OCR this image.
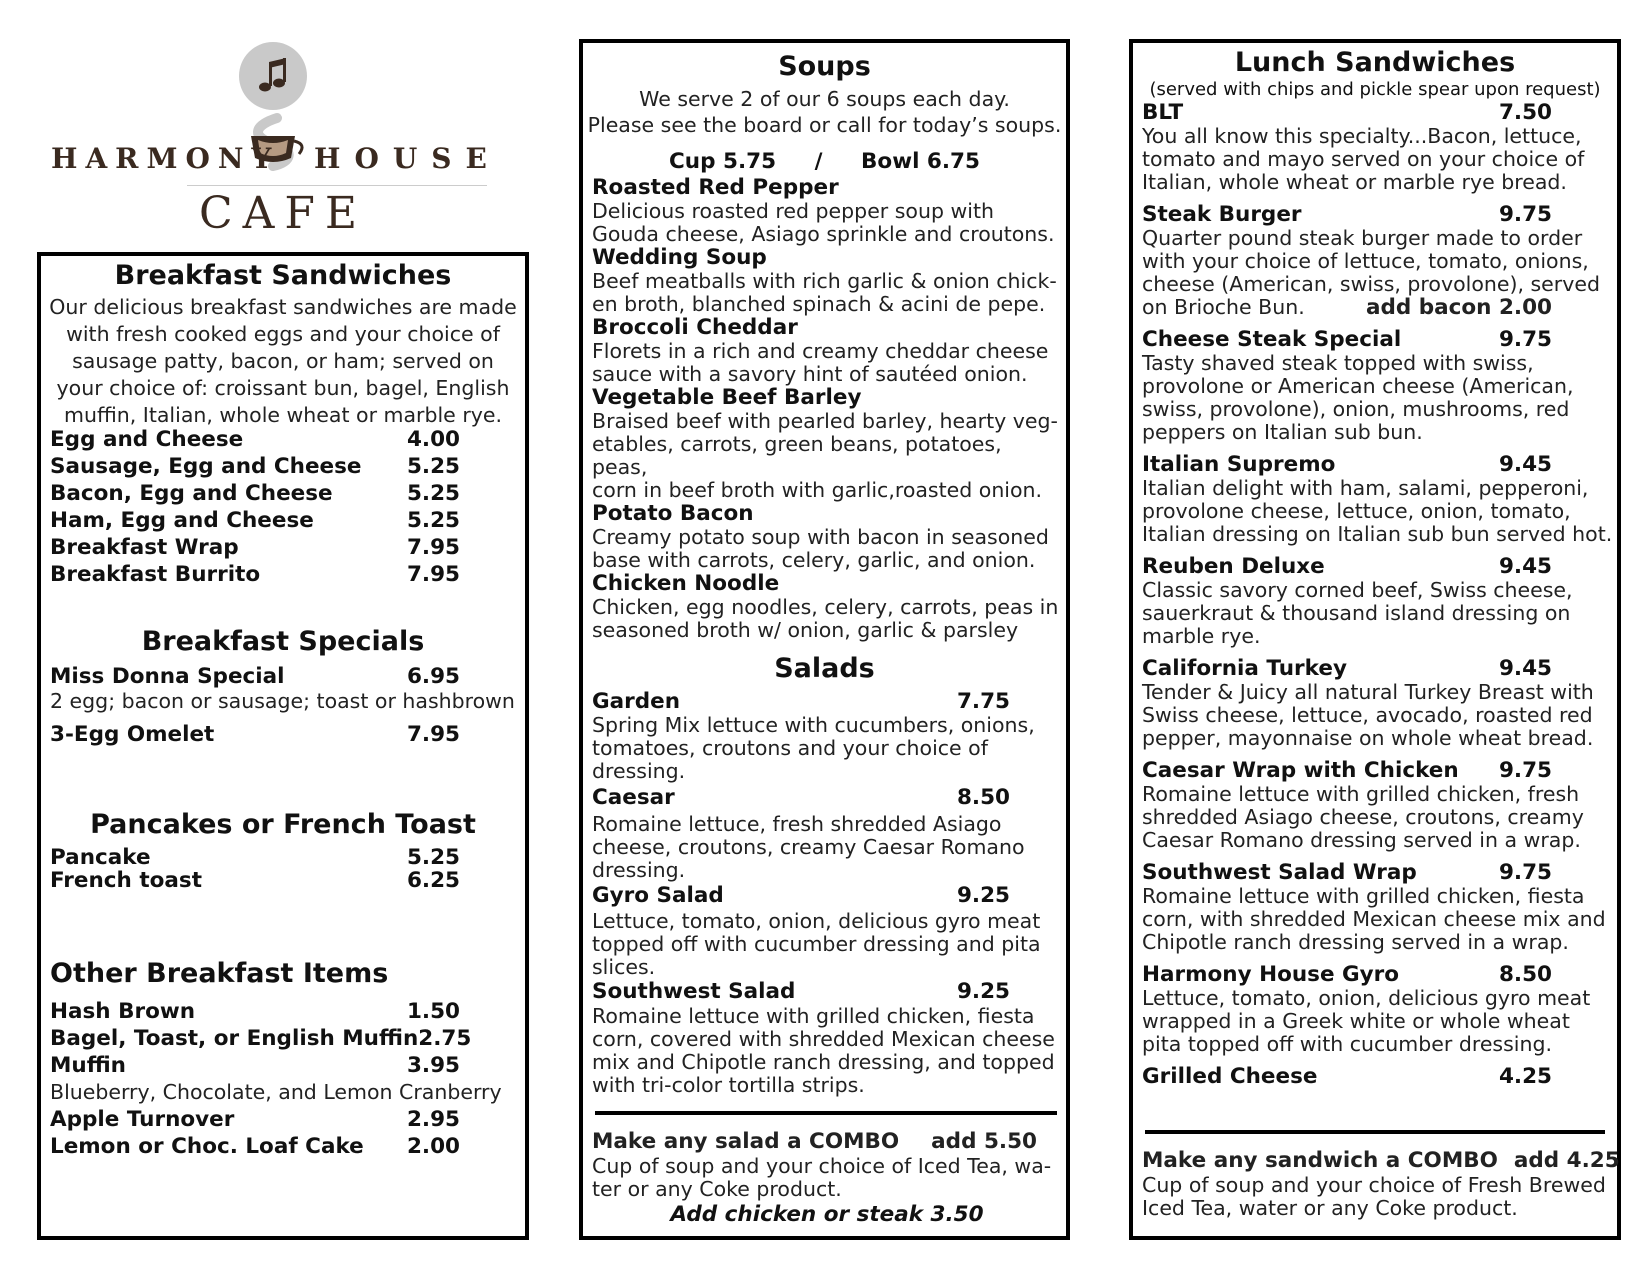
HARMONY HOUSE
CAFE
Breakfast Sandwiches
Our delicious breakfast sandwiches are made
with fresh cooked eggs and your choice of
sausage patty, bacon, or ham; served on
your choice of: croissant bun, bagel, English
muffin, Italian, whole wheat or marble rye.
Egg and Cheese	4.00
Sausage, Egg and Cheese 5.25
Bacon, Egg and Cheese	5.25
Ham, Egg and Cheese	5.25
Breakfast Wrap	7.95
Breakfast Burrito	7.95
Breakfast Specials
Miss Donna Special	6.95
2 egg; bacon or sausage; toast or hashbrown
3-Egg Omelet	7.95
Pancakes or French Toast
Pancake	5.25
French toast	6.25
Other Breakfast Items
Hash Brown	1.50
Bagel, Toast, or English Muffin 2.75
Muffin	3.95
Blueberry, Chocolate, and Lemon Cranberry
Apple Turnover	2.95
Lemon or Choc. Loaf Cake 2.00
Soups
We serve 2 of our 6 soups each day.
Please see the board or call for today’s soups.
Cup 5.75 / Bowl 6.75
Roasted Red Pepper
Delicious roasted red pepper soup with
Gouda cheese, Asiago sprinkle and croutons.
Wedding Soup
Beef meatballs with rich garlic & onion chick-
en broth, blanched spinach & acini de pepe.
Broccoli Cheddar
Florets in a rich and creamy cheddar cheese
sauce with a savory hint of sautéed onion.
Vegetable Beef Barley
Braised beef with pearled barley, hearty veg-
etables, carrots, green beans, potatoes, peas,
corn in beef broth with garlic,roasted onion.
Potato Bacon
Creamy potato soup with bacon in seasoned
base with carrots, celery, garlic, and onion.
Chicken Noodle
Chicken, egg noodles, celery, carrots, peas in
seasoned broth w/ onion, garlic & parsley
Salads
Garden	7.75
Spring Mix lettuce with cucumbers, onions,
tomatoes, croutons and your choice of
dressing.
Caesar	8.50
Romaine lettuce, fresh shredded Asiago
cheese, croutons, creamy Caesar Romano
dressing.
Gyro Salad	9.25
Lettuce, tomato, onion, delicious gyro meat
topped off with cucumber dressing and pita
slices.
Southwest Salad	9.25
Romaine lettuce with grilled chicken, fiesta
corn, covered with shredded Mexican cheese
mix and Chipotle ranch dressing, and topped
with tri-color tortilla strips.
Make any salad a COMBO add 5.50
Cup of soup and your choice of Iced Tea, wa-
ter or any Coke product.
Add chicken or steak 3.50
Lunch Sandwiches
(served with chips and pickle spear upon request)
BLT	7.50
You all know this specialty...Bacon, lettuce,
tomato and mayo served on your choice of
Italian, whole wheat or marble rye bread.
Steak Burger	9.75
Quarter pound steak burger made to order
with your choice of lettuce, tomato, onions,
cheese (American, swiss, provolone), served
on Brioche Bun.	add bacon 2.00
Cheese Steak Special	9.75
Tasty shaved steak topped with swiss,
provolone or American cheese (American,
swiss, provolone), onion, mushrooms, red
peppers on Italian sub bun.
Italian Supremo	9.45
Italian delight with ham, salami, pepperoni,
provolone cheese, lettuce, onion, tomato,
Italian dressing on Italian sub bun served hot.
Reuben Deluxe	9.45
Classic savory corned beef, Swiss cheese,
sauerkraut & thousand island dressing on
marble rye.
California Turkey	9.45
Tender & Juicy all natural Turkey Breast with
Swiss cheese, lettuce, avocado, roasted red
pepper, mayonnaise on whole wheat bread.
Caesar Wrap with Chicken 9.75
Romaine lettuce with grilled chicken, fresh
shredded Asiago cheese, croutons, creamy
Caesar Romano dressing served in a wrap.
Southwest Salad Wrap	9.75
Romaine lettuce with grilled chicken, fiesta
corn, with shredded Mexican cheese mix and
Chipotle ranch dressing served in a wrap.
Harmony House Gyro	8.50
Lettuce, tomato, onion, delicious gyro meat
wrapped in a Greek white or whole wheat
pita topped off with cucumber dressing.
Grilled Cheese	4.25
Make any sandwich a COMBO add 4.25
Cup of soup and your choice of Fresh Brewed
Iced Tea, water or any Coke product.
